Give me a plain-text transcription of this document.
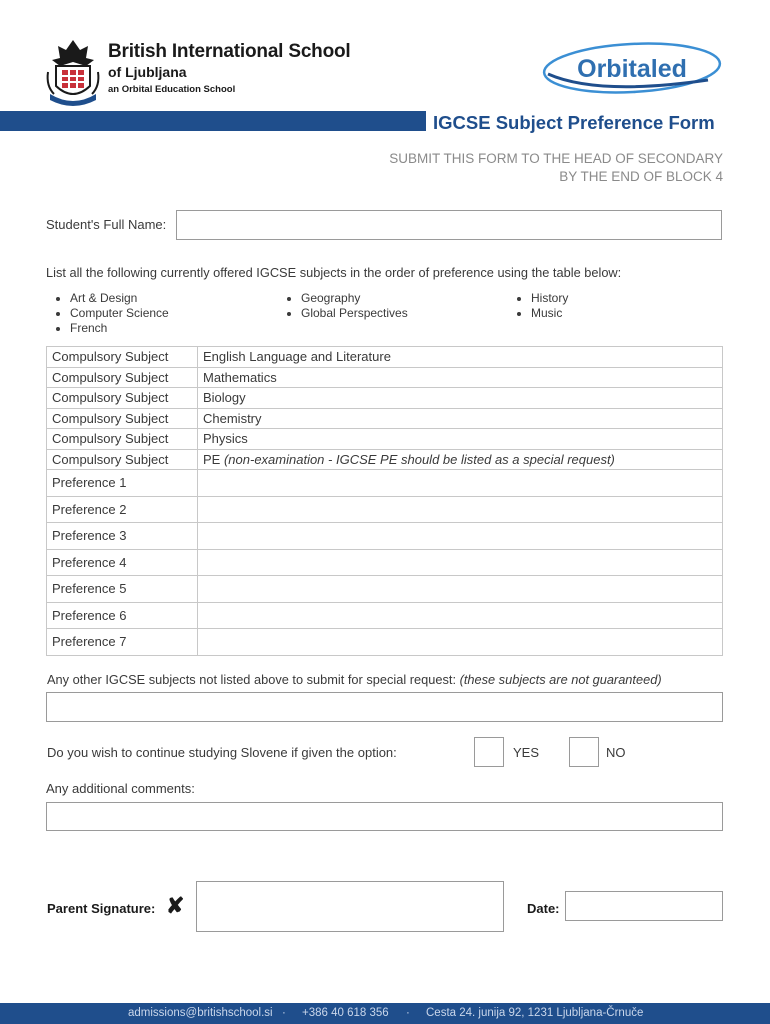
British International School
of Ljubljana
an Orbital Education School
Orbitaled
IGCSE Subject Preference Form
SUBMIT THIS FORM TO THE HEAD OF SECONDARY
BY THE END OF BLOCK 4
Student's Full Name:
List all the following currently offered IGCSE subjects in the order of preference using the table below:
• Art & Design
• Computer Science
• French
• Geography
• Global Perspectives
• History
• Music
Compulsory Subject	English Language and Literature
Compulsory Subject	Mathematics
Compulsory Subject	Biology
Compulsory Subject	Chemistry
Compulsory Subject	Physics
Compulsory Subject	PE (non-examination - IGCSE PE should be listed as a special request)
Preference 1	
Preference 2	
Preference 3	
Preference 4	
Preference 5	
Preference 6	
Preference 7	
Any other IGCSE subjects not listed above to submit for special request: (these subjects are not guaranteed)
Do you wish to continue studying Slovene if given the option:	YES	NO
Any additional comments:
Parent Signature: ✘	Date:
admissions@britishschool.si · +386 40 618 356 · Cesta 24. junija 92, 1231 Ljubljana-Črnuče
